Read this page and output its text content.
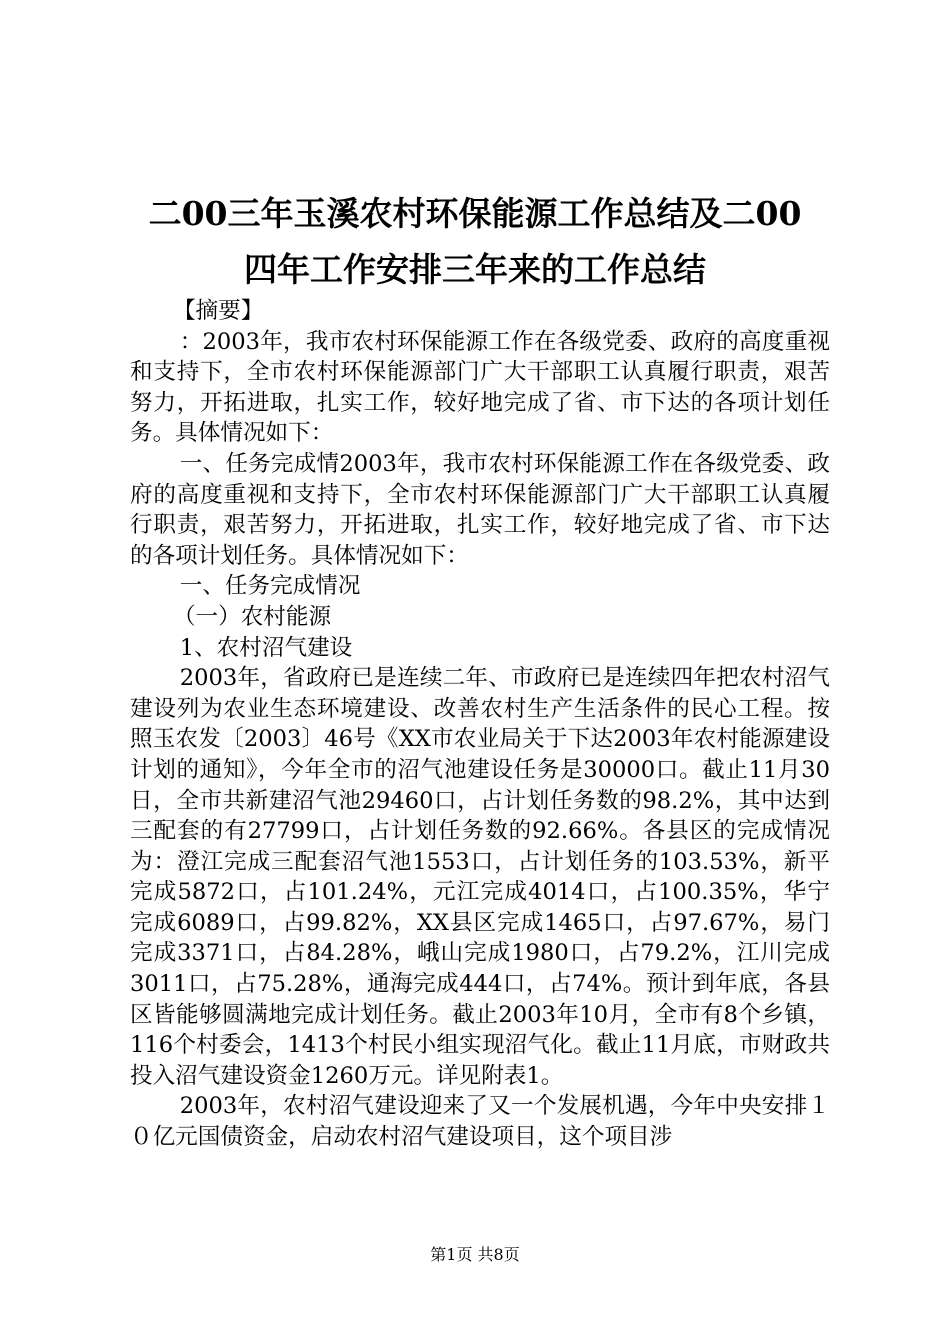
二00三年玉溪农村环保能源工作总结及二00
四年工作安排三年来的工作总结

【摘要】

：2003年，我市农村环保能源工作在各级党委、政府的高度重视和支持下，全市农村环保能源部门广大干部职工认真履行职责，艰苦努力，开拓进取，扎实工作，较好地完成了省、市下达的各项计划任务。具体情况如下：

一、任务完成情2003年，我市农村环保能源工作在各级党委、政府的高度重视和支持下，全市农村环保能源部门广大干部职工认真履行职责，艰苦努力，开拓进取，扎实工作，较好地完成了省、市下达的各项计划任务。具体情况如下：

一、任务完成情况

（一）农村能源

1、农村沼气建设

2003年，省政府已是连续二年、市政府已是连续四年把农村沼气建设列为农业生态环境建设、改善农村生产生活条件的民心工程。按照玉农发〔2003〕46号《XX市农业局关于下达2003年农村能源建设计划的通知》，今年全市的沼气池建设任务是30000口。截止11月30日，全市共新建沼气池29460口，占计划任务数的98.2%，其中达到三配套的有27799口，占计划任务数的92.66%。各县区的完成情况为：澄江完成三配套沼气池1553口，占计划任务的103.53%，新平完成5872口，占101.24%，元江完成4014口，占100.35%，华宁完成6089口，占99.82%，XX县区完成1465口，占97.67%，易门完成3371口，占84.28%，峨山完成1980口，占79.2%，江川完成3011口，占75.28%，通海完成444口，占74%。预计到年底，各县区皆能够圆满地完成计划任务。截止2003年10月，全市有8个乡镇，116个村委会，1413个村民小组实现沼气化。截止11月底，市财政共投入沼气建设资金1260万元。详见附表1。

2003年，农村沼气建设迎来了又一个发展机遇，今年中央安排１０亿元国债资金，启动农村沼气建设项目，这个项目涉

第1页 共8页
